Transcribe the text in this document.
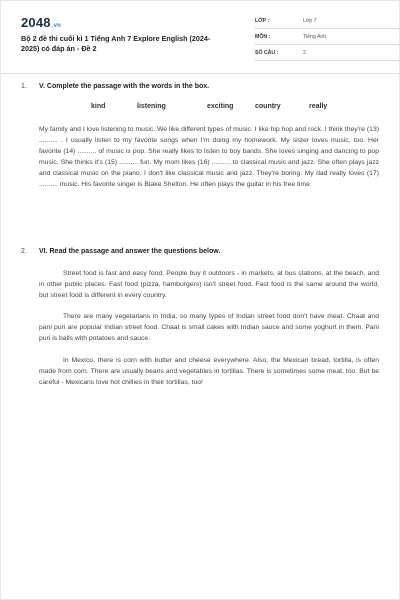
2048.vn
Bộ 2 đề thi cuối kì 1 Tiếng Anh 7 Explore English (2024-2025) có đáp án - Đề 2
LỚP :	Lớp 7
MÔN :	Tiếng Anh
SỐ CÂU :	2
1. V. Complete the passage with the words in the box.
kind	listening	exciting	country	really

My family and I love listening to music. We like different types of music. I like hip hop and rock. I think they're (13) .......... . I usually listen to my favorite songs when I'm doing my homework. My sister loves music, too. Her favorite (14) .......... of music is pop. She really likes to listen to boy bands. She loves singing and dancing to pop music. She thinks it's (15) .......... fun. My mom likes (16) .......... to classical music and jazz. She often plays jazz and classical music on the piano. I don't like classical music and jazz. They're boring. My dad really loves (17) .......... music. His favorite singer is Blake Shelton. He often plays the guitar in his free time.

2. VI. Read the passage and answer the questions below.

Street food is fast and easy food. People buy it outdoors - in markets, at bus stations, at the beach, and in other public places. Fast food (pizza, hamburgers) isn't street food. Fast food is the same around the world, but street food is different in every country.

There are many vegetarians in India, so many types of Indian street food don't have meat. Chaat and pani puri are popular Indian street food. Chaat is small cakes with Indian sauce and some yoghurt in them. Pani puri is balls with potatoes and sauce.

In Mexico, there is corn with butter and cheese everywhere. Also, the Mexican bread, tortilla, is often made from corn. There are usually beans and vegetables in tortillas. There is sometimes some meat, too. But be careful - Mexicans love hot chillies in their tortillas, too!
